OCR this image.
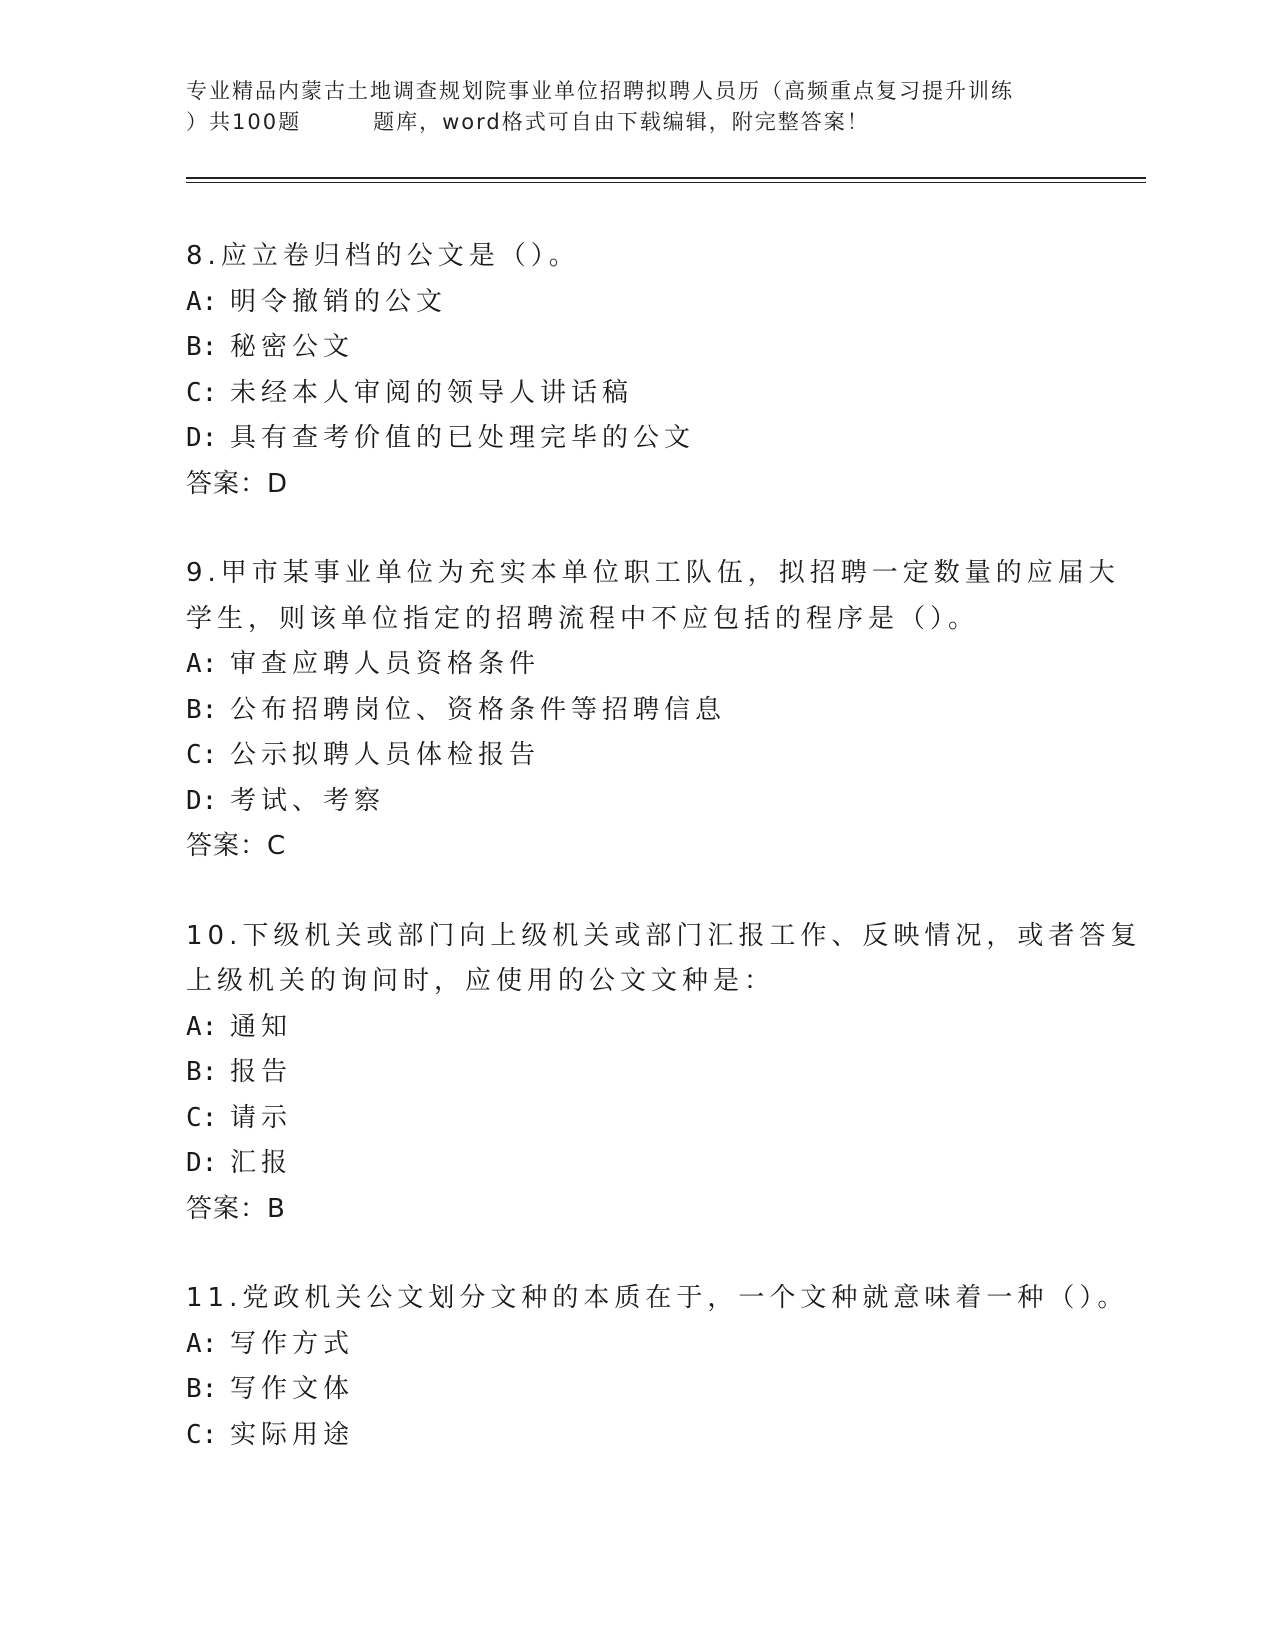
专业精品内蒙古土地调查规划院事业单位招聘拟聘人员历（高频重点复习提升训练
）共100题	题库，word格式可自由下载编辑，附完整答案！
8.应立卷归档的公文是（）。
A: 明令撤销的公文
B: 秘密公文
C: 未经本人审阅的领导人讲话稿
D: 具有查考价值的已处理完毕的公文
答案：D
9.甲市某事业单位为充实本单位职工队伍，拟招聘一定数量的应届大
学生，则该单位指定的招聘流程中不应包括的程序是（）。
A: 审查应聘人员资格条件
B: 公布招聘岗位、资格条件等招聘信息
C: 公示拟聘人员体检报告
D: 考试、考察
答案：C
10.下级机关或部门向上级机关或部门汇报工作、反映情况，或者答复
上级机关的询问时，应使用的公文文种是：
A: 通知
B: 报告
C: 请示
D: 汇报
答案：B
11.党政机关公文划分文种的本质在于，一个文种就意味着一种（）。
A: 写作方式
B: 写作文体
C: 实际用途
